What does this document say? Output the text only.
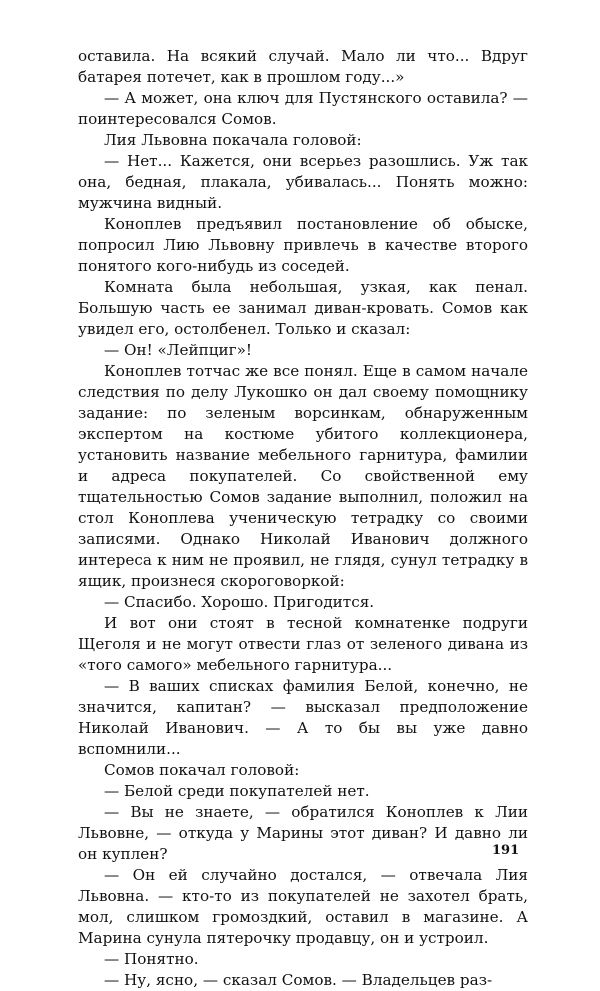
оставила. На всякий случай. Мало ли что... Вдруг батарея потечет, как в прошлом году...»

— А может, она ключ для Пустянского оставила? — поинтересовался Сомов.

Лия Львовна покачала головой:

— Нет... Кажется, они всерьез разошлись. Уж так она, бедная, плакала, убивалась... Понять можно: мужчина видный.

Коноплев предъявил постановление об обыске, попросил Лию Львовну привлечь в качестве второго понятого кого-нибудь из соседей.

Комната была небольшая, узкая, как пенал. Большую часть ее занимал диван-кровать. Сомов как увидел его, остолбенел. Только и сказал:

— Он! «Лейпциг»!

Коноплев тотчас же все понял. Еще в самом начале следствия по делу Лукошко он дал своему помощнику задание: по зеленым ворсинкам, обнаруженным экспертом на костюме убитого коллекционера, установить название мебельного гарнитура, фамилии и адреса покупателей. Со свойственной ему тщательностью Сомов задание выполнил, положил на стол Коноплева ученическую тетрадку со своими записями. Однако Николай Иванович должного интереса к ним не проявил, не глядя, сунул тетрадку в ящик, произнеся скороговоркой:

— Спасибо. Хорошо. Пригодится.

И вот они стоят в тесной комнатенке подруги Щеголя и не могут отвести глаз от зеленого дивана из «того самого» мебельного гарнитура...

— В ваших списках фамилия Белой, конечно, не значится, капитан? — высказал предположение Николай Иванович. — А то бы вы уже давно вспомнили...

Сомов покачал головой:

— Белой среди покупателей нет.

— Вы не знаете, — обратился Коноплев к Лии Львовне, — откуда у Марины этот диван? И давно ли он куплен?

— Он ей случайно достался, — отвечала Лия Львовна. — кто-то из покупателей не захотел брать, мол, слишком громоздкий, оставил в магазине. А Марина сунула пятерочку продавцу, он и устроил.

— Понятно.

— Ну, ясно, — сказал Сомов. — Владельцев раз-

191
